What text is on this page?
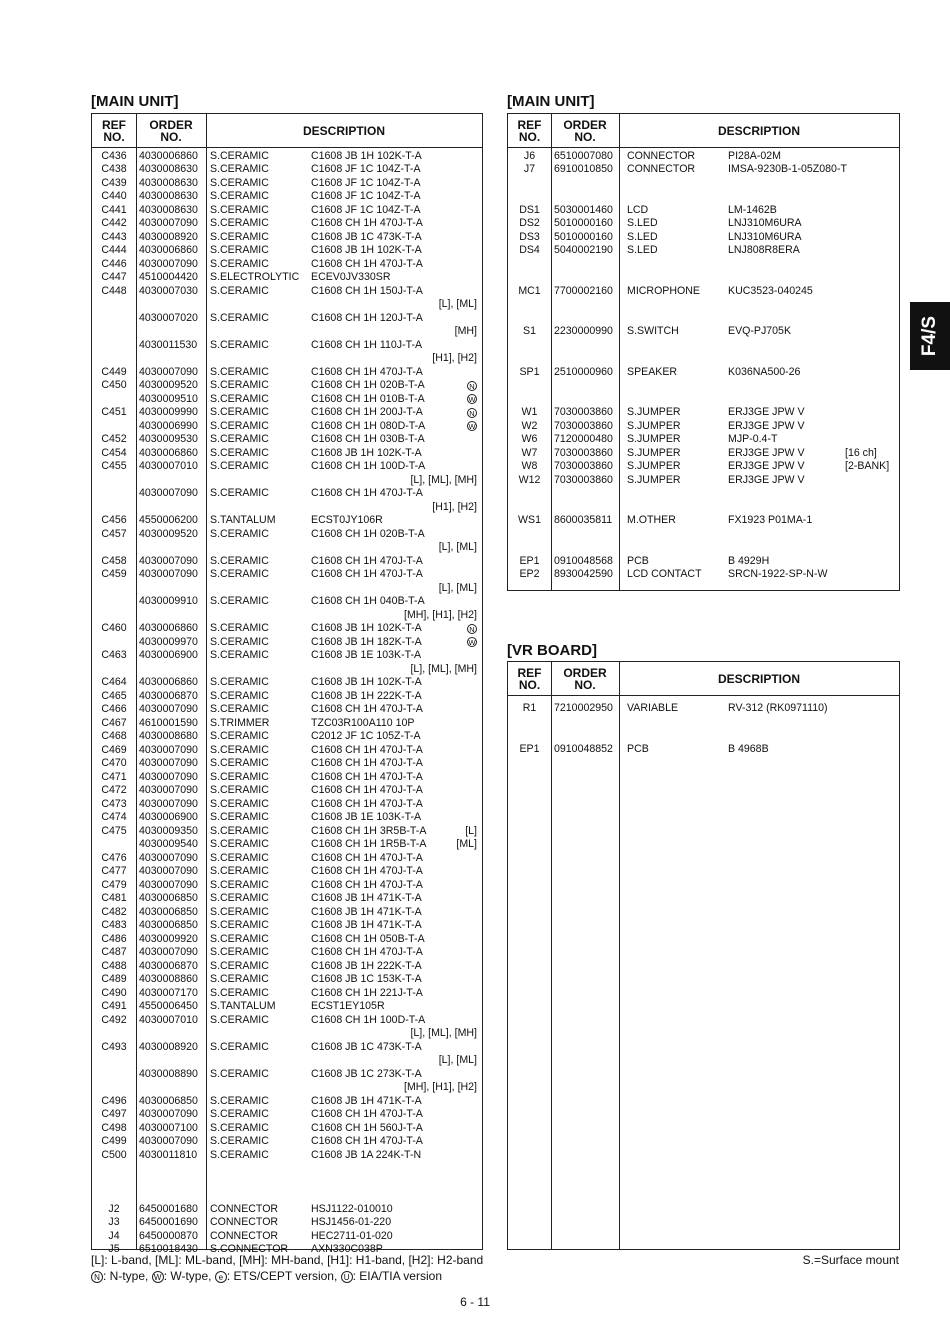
[MAIN UNIT]
REF
NO.
ORDER
NO.	DESCRIPTION
C436	4030006860 S.CERAMIC	C1608 JB 1H 102K-T-A
C438	4030008630 S.CERAMIC	C1608 JF 1C 104Z-T-A
C439	4030008630 S.CERAMIC	C1608 JF 1C 104Z-T-A
C440	4030008630 S.CERAMIC	C1608 JF 1C 104Z-T-A
C441	4030008630 S.CERAMIC	C1608 JF 1C 104Z-T-A
C442	4030007090 S.CERAMIC	C1608 CH 1H 470J-T-A
C443	4030008920 S.CERAMIC	C1608 JB 1C 473K-T-A
C444	4030006860 S.CERAMIC	C1608 JB 1H 102K-T-A
C446	4030007090 S.CERAMIC	C1608 CH 1H 470J-T-A
C447	4510004420 S.ELECTROLYTIC ECEV0JV330SR
C448	4030007030 S.CERAMIC	C1608 CH 1H 150J-T-A
[L], [ML]
4030007020 S.CERAMIC	C1608 CH 1H 120J-T-A
[MH]
4030011530 S.CERAMIC	C1608 CH 1H 110J-T-A
[H1], [H2]
C449	4030007090 S.CERAMIC	C1608 CH 1H 470J-T-A
C450	4030009520 S.CERAMIC	C1608 CH 1H 020B-T-A	N
4030009510 S.CERAMIC	C1608 CH 1H 010B-T-A	W
C451	4030009990 S.CERAMIC	C1608 CH 1H 200J-T-A	N
4030006990 S.CERAMIC	C1608 CH 1H 080D-T-A	W
C452	4030009530 S.CERAMIC	C1608 CH 1H 030B-T-A
C454	4030006860 S.CERAMIC	C1608 JB 1H 102K-T-A
C455	4030007010 S.CERAMIC	C1608 CH 1H 100D-T-A
[L], [ML], [MH]
4030007090 S.CERAMIC	C1608 CH 1H 470J-T-A
[H1], [H2]
C456	4550006200 S.TANTALUM	ECST0JY106R
C457	4030009520 S.CERAMIC	C1608 CH 1H 020B-T-A
[L], [ML]
C458	4030007090 S.CERAMIC	C1608 CH 1H 470J-T-A
C459	4030007090 S.CERAMIC	C1608 CH 1H 470J-T-A
[L], [ML]
4030009910 S.CERAMIC	C1608 CH 1H 040B-T-A
[MH], [H1], [H2]
C460	4030006860 S.CERAMIC	C1608 JB 1H 102K-T-A	N
4030009970 S.CERAMIC	C1608 JB 1H 182K-T-A	W
C463	4030006900 S.CERAMIC	C1608 JB 1E 103K-T-A
[L], [ML], [MH]
C464	4030006860 S.CERAMIC	C1608 JB 1H 102K-T-A
C465	4030006870 S.CERAMIC	C1608 JB 1H 222K-T-A
C466	4030007090 S.CERAMIC	C1608 CH 1H 470J-T-A
C467	4610001590 S.TRIMMER	TZC03R100A110 10P
C468	4030008680 S.CERAMIC	C2012 JF 1C 105Z-T-A
C469	4030007090 S.CERAMIC	C1608 CH 1H 470J-T-A
C470	4030007090 S.CERAMIC	C1608 CH 1H 470J-T-A
C471	4030007090 S.CERAMIC	C1608 CH 1H 470J-T-A
C472	4030007090 S.CERAMIC	C1608 CH 1H 470J-T-A
C473	4030007090 S.CERAMIC	C1608 CH 1H 470J-T-A
C474	4030006900 S.CERAMIC	C1608 JB 1E 103K-T-A
C475	4030009350 S.CERAMIC	C1608 CH 1H 3R5B-T-A	[L]
4030009540 S.CERAMIC	C1608 CH 1H 1R5B-T-A	[ML]
C476	4030007090 S.CERAMIC	C1608 CH 1H 470J-T-A
C477	4030007090 S.CERAMIC	C1608 CH 1H 470J-T-A
C479	4030007090 S.CERAMIC	C1608 CH 1H 470J-T-A
C481	4030006850 S.CERAMIC	C1608 JB 1H 471K-T-A
C482	4030006850 S.CERAMIC	C1608 JB 1H 471K-T-A
C483	4030006850 S.CERAMIC	C1608 JB 1H 471K-T-A
C486	4030009920 S.CERAMIC	C1608 CH 1H 050B-T-A
C487	4030007090 S.CERAMIC	C1608 CH 1H 470J-T-A
C488	4030006870 S.CERAMIC	C1608 JB 1H 222K-T-A
C489	4030008860 S.CERAMIC	C1608 JB 1C 153K-T-A
C490	4030007170 S.CERAMIC	C1608 CH 1H 221J-T-A
C491	4550006450 S.TANTALUM	ECST1EY105R
C492	4030007010 S.CERAMIC	C1608 CH 1H 100D-T-A
[L], [ML], [MH]
C493	4030008920 S.CERAMIC	C1608 JB 1C 473K-T-A
[L], [ML]
4030008890 S.CERAMIC	C1608 JB 1C 273K-T-A
[MH], [H1], [H2]
C496	4030006850 S.CERAMIC	C1608 JB 1H 471K-T-A
C497	4030007090 S.CERAMIC	C1608 CH 1H 470J-T-A
C498	4030007100 S.CERAMIC	C1608 CH 1H 560J-T-A
C499	4030007090 S.CERAMIC	C1608 CH 1H 470J-T-A
C500	4030011810 S.CERAMIC	C1608 JB 1A 224K-T-N
J2	6450001680 CONNECTOR	HSJ1122-010010
J3	6450001690 CONNECTOR	HSJ1456-01-220
J4	6450000870 CONNECTOR	HEC2711-01-020
J5	6510018430 S.CONNECTOR AXN330C038P
[MAIN UNIT]
REF
NO.
ORDER
NO.	DESCRIPTION
J6	6510007080 CONNECTOR	PI28A-02M
J7	6910010850 CONNECTOR	IMSA-9230B-1-05Z080-T
DS1	5030001460 LCD	LM-1462B
DS2	5010000160 S.LED	LNJ310M6URA
DS3	5010000160 S.LED	LNJ310M6URA
DS4	5040002190 S.LED	LNJ808R8ERA
MC1	7700002160 MICROPHONE	KUC3523-040245
S1	2230000990 S.SWITCH	EVQ-PJ705K
SP1	2510000960 SPEAKER	K036NA500-26
W1	7030003860 S.JUMPER	ERJ3GE JPW V
W2	7030003860 S.JUMPER	ERJ3GE JPW V
W6	7120000480 S.JUMPER	MJP-0.4-T
W7	7030003860 S.JUMPER	ERJ3GE JPW V	[16 ch]
W8	7030003860 S.JUMPER	ERJ3GE JPW V	[2-BANK]
W12	7030003860 S.JUMPER	ERJ3GE JPW V
WS1	8600035811 M.OTHER	FX1923 P01MA-1
EP1	0910048568 PCB	B 4929H
EP2	8930042590 LCD CONTACT SRCN-1922-SP-N-W
[VR BOARD]
REF
NO.
ORDER
NO.	DESCRIPTION
R1	7210002950 VARIABLE	RV-312 (RK0971110)
EP1	0910048852 PCB	B 4968B
F4/S
[L]: L-band, [ML]: ML-band, [MH]: MH-band, [H1]: H1-band, [H2]: H2-band
N : N-type, W : W-type, e : ETS/CEPT version, U : EIA/TIA version
S.=Surface mount
6 - 11
